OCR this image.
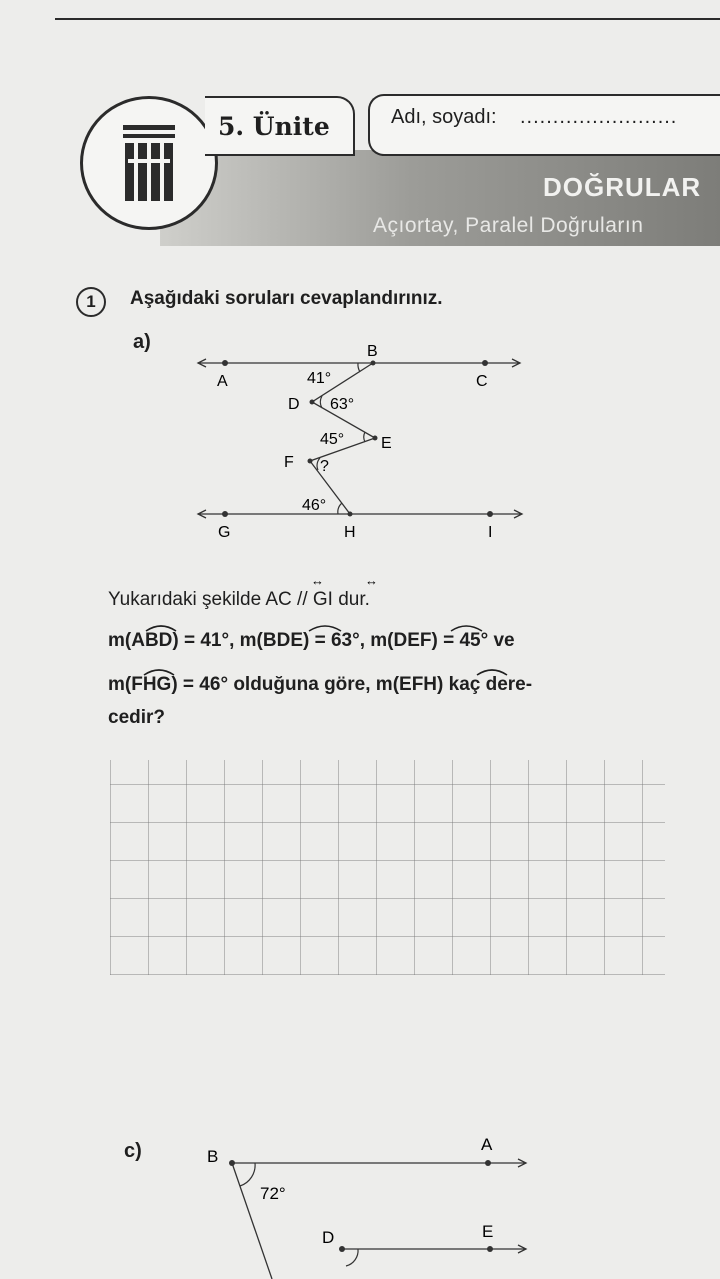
5. Ünite	Adı, soyadı: ........................
DOĞRULAR
Açıortay, Paralel Doğruların
1	Aşağıdaki soruları cevaplandırınız.
a)
A
B
C
D
E
F
G	H	I
41°
63°
45°
?
46°
↔	↔
Yukarıdaki şekilde AC // GI dur.
m(ABD) = 41°, m(BDE) = 63°, m(DEF) = 45° ve
m(FHG) = 46° olduğuna göre, m(EFH) kaç dere-
cedir?
c)	B
A
D	E
72°
